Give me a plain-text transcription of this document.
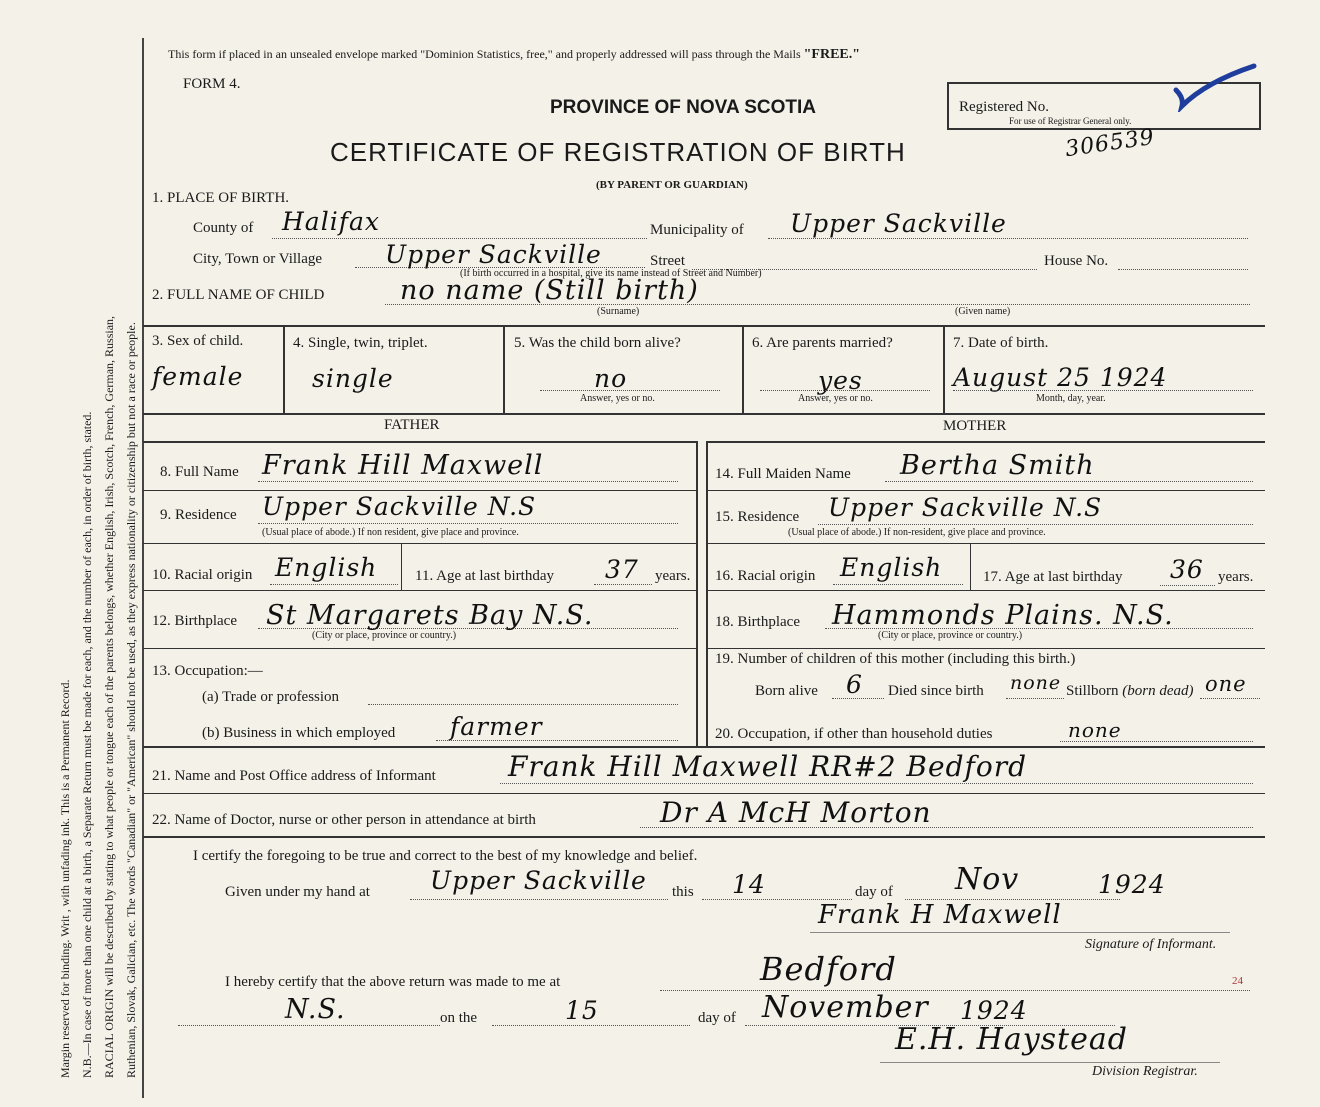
Margin reserved for binding. Writ , with unfading ink. This is a Permanent Record. N.B.—In case of more than one child at a birth, a Separate Return must be made for each, and the number of each, in order of birth, stated. RACIAL ORIGIN will be described by stating to what people or tongue each of the parents belongs, whether English, Irish, Scotch, French, German, Russian, Ruthenian, Slovak, Galician, etc. The words "Canadian" or "American" should not be used, as they express nationality or citizenship but not a race or people.
This form if placed in an unsealed envelope marked "Dominion Statistics, free," and properly addressed will pass through the Mails "FREE."
FORM 4.
PROVINCE OF NOVA SCOTIA
CERTIFICATE OF REGISTRATION OF BIRTH
(BY PARENT OR GUARDIAN)
Registered No.
For use of Registrar General only.
306539
1. PLACE OF BIRTH.
County of Halifax	Municipality of Upper Sackville
City, Town or Village	Upper Sackville	Street	House No.
(If birth occurred in a hospital, give its name instead of Street and Number)
2. FULL NAME OF CHILD	no name (Still birth)
(Surname)	(Given name)
3. Sex of child.
female
4. Single, twin, triplet.
single
5. Was the child born alive?
no
Answer, yes or no.
6. Are parents married?
yes
Answer, yes or no.
7. Date of birth.
August 25 1924
Month, day, year.
FATHER	MOTHER
8. Full Name Frank Hill Maxwell
9. Residence Upper Sackville N.S
(Usual place of abode.) If non resident, give place and province.
10. Racial origin English	11. Age at last birthday 37 years.
12. Birthplace St Margarets Bay N.S.
(City or place, province or country.)
13. Occupation:—
(a) Trade or profession
(b) Business in which employed farmer
14. Full Maiden Name Bertha Smith
15. Residence Upper Sackville N.S
(Usual place of abode.) If non-resident, give place and province.
16. Racial origin English	17. Age at last birthday 36 years.
18. Birthplace Hammonds Plains. N.S.
(City or place, province or country.)
19. Number of children of this mother (including this birth.)
Born alive 6 Died since birth none Stillborn (born dead) one
20. Occupation, if other than household duties	none
21. Name and Post Office address of Informant	Frank Hill Maxwell RR#2 Bedford
22. Name of Doctor, nurse or other person in attendance at birth	Dr A McH Morton
I certify the foregoing to be true and correct to the best of my knowledge and belief.
Given under my hand at Upper Sackville this 14	day of Nov	1924
Frank H Maxwell
Signature of Informant.
I hereby certify that the above return was made to me at	Bedford	24
N.S.	on the	15	day of November 1924
E.H. Haystead
Division Registrar.
